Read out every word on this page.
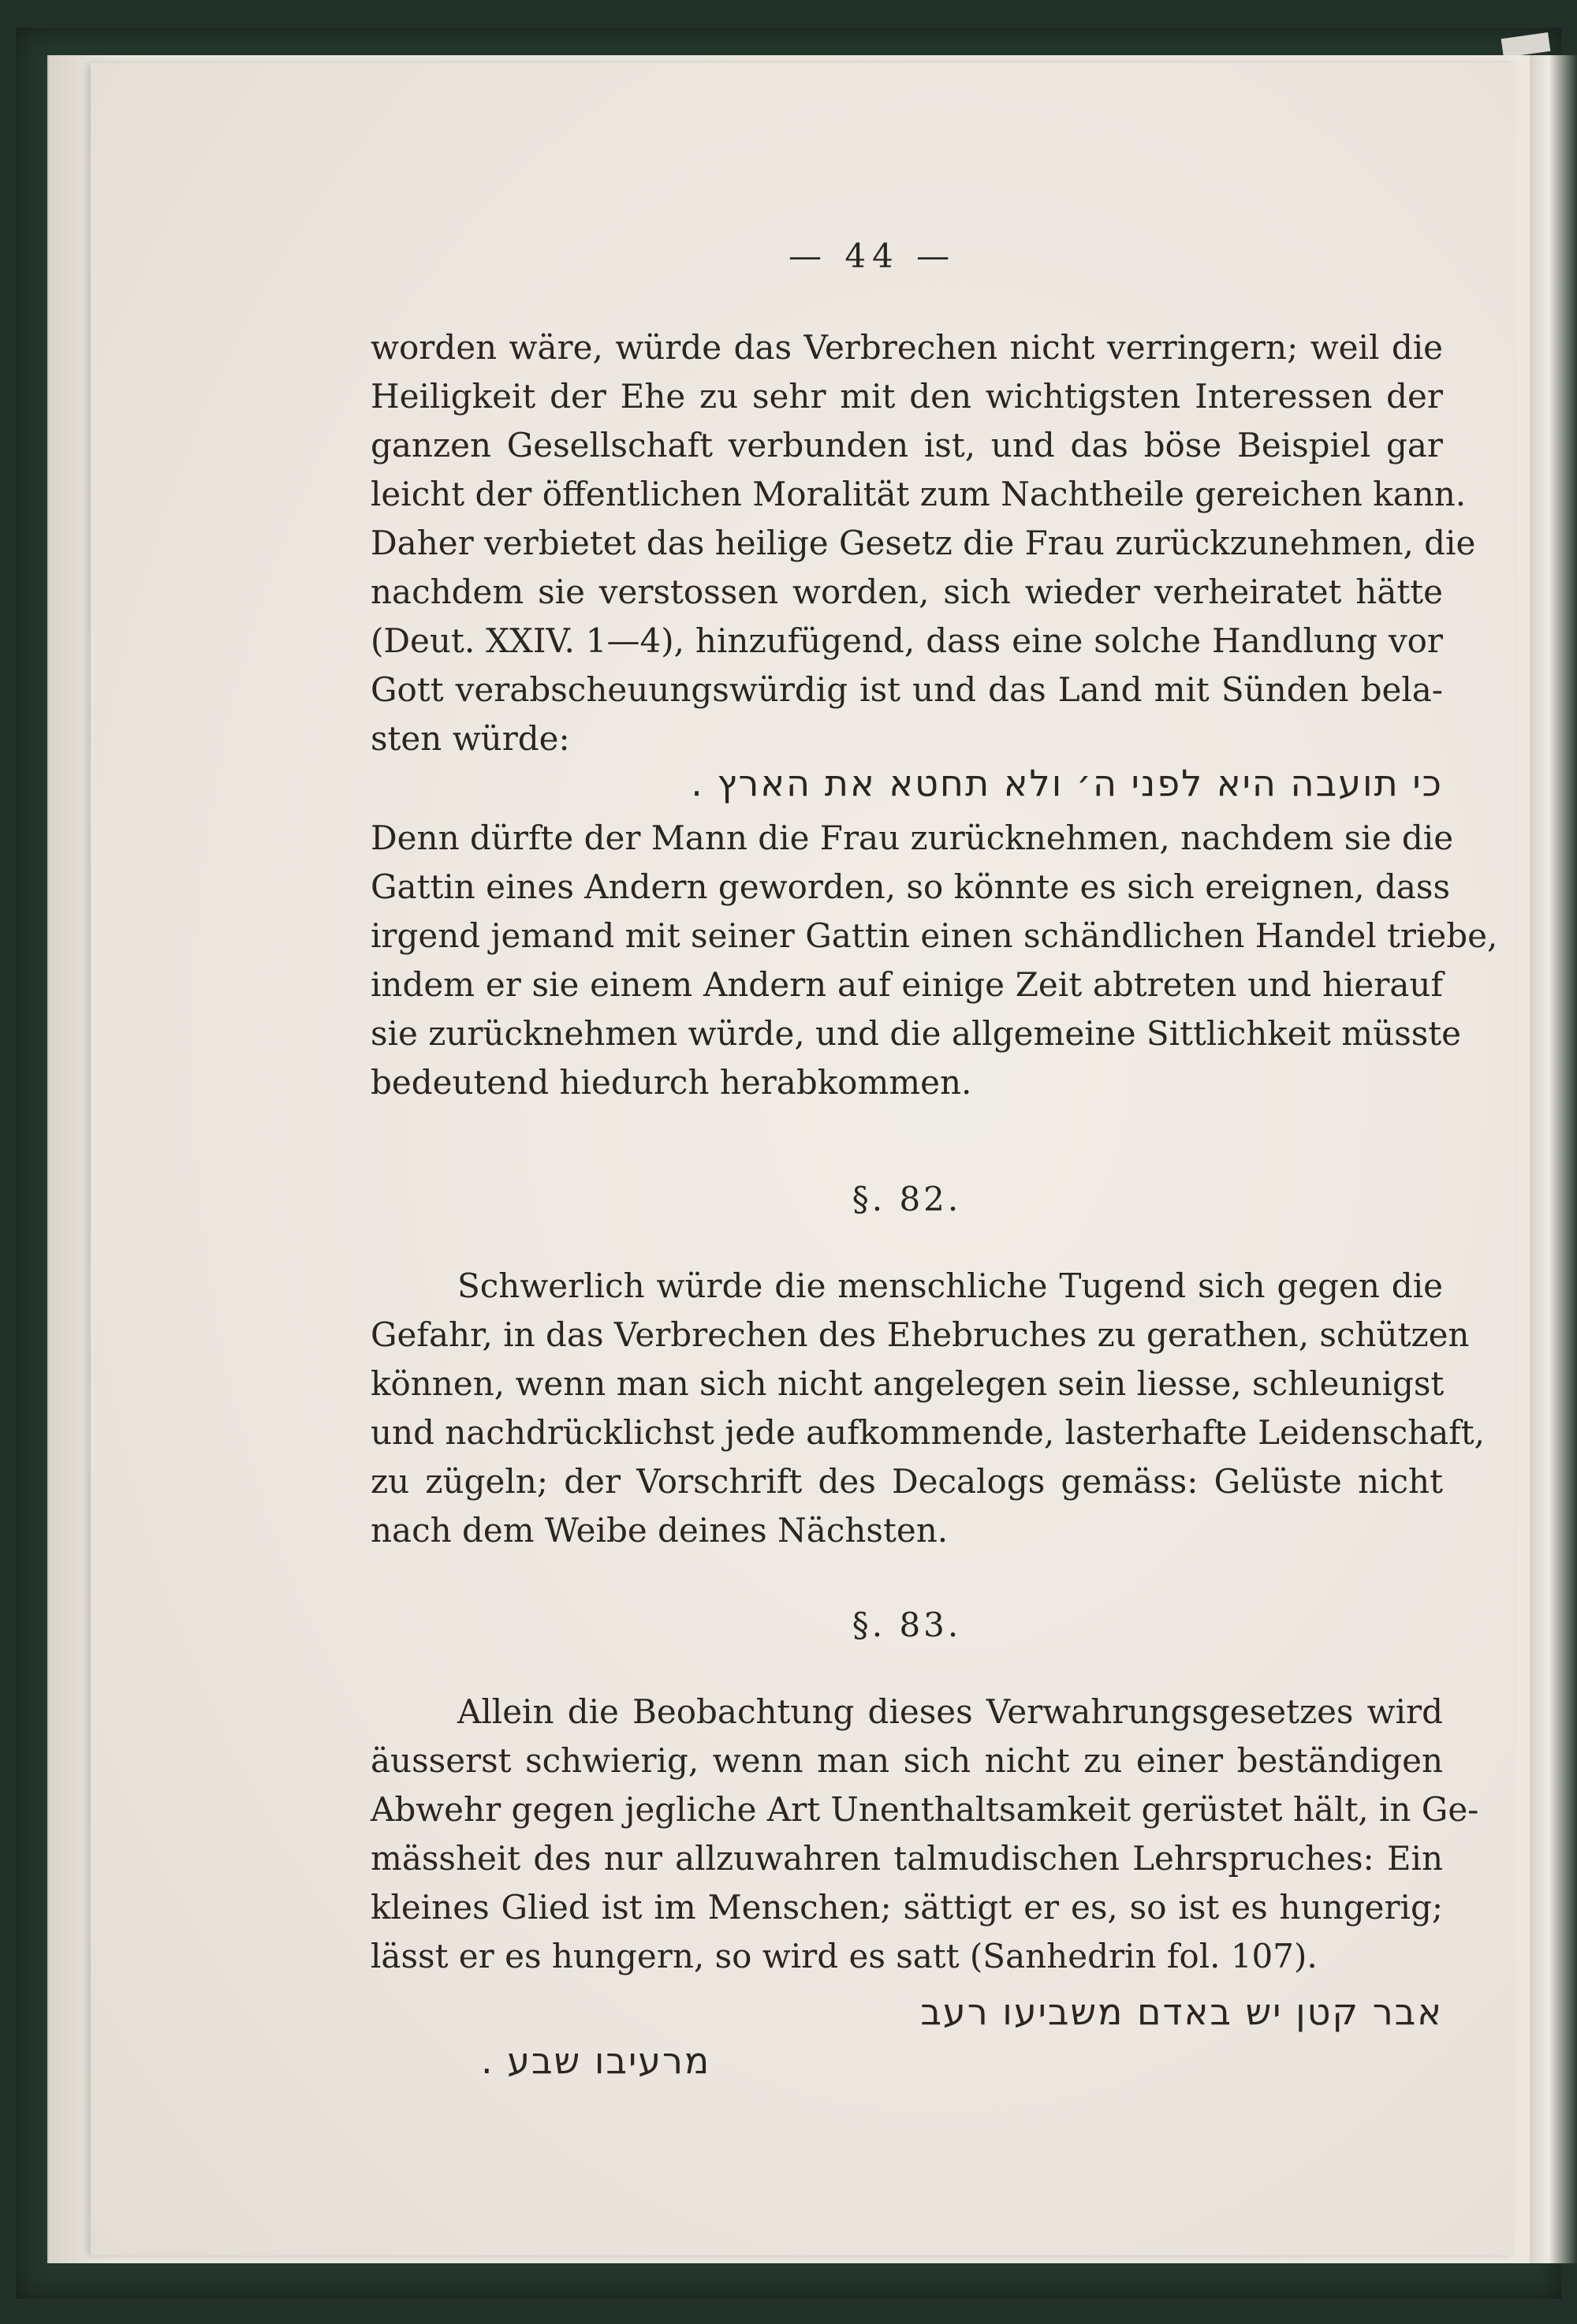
— 44 —
worden wäre, würde das Verbrechen nicht verringern; weil die
Heiligkeit der Ehe zu sehr mit den wichtigsten Interessen der
ganzen Gesellschaft verbunden ist, und das böse Beispiel gar
leicht der öffentlichen Moralität zum Nachtheile gereichen kann.
Daher verbietet das heilige Gesetz die Frau zurückzunehmen, die
nachdem sie verstossen worden, sich wieder verheiratet hätte
(Deut. XXIV. 1—4), hinzufügend, dass eine solche Handlung vor
Gott verabscheuungswürdig ist und das Land mit Sünden bela-
sten würde:
כי תועבה היא לפני ה׳ ולא תחטא את הארץ .
Denn dürfte der Mann die Frau zurücknehmen, nachdem sie die
Gattin eines Andern geworden, so könnte es sich ereignen, dass
irgend jemand mit seiner Gattin einen schändlichen Handel triebe,
indem er sie einem Andern auf einige Zeit abtreten und hierauf
sie zurücknehmen würde, und die allgemeine Sittlichkeit müsste
bedeutend hiedurch herabkommen.
§. 82.
Schwerlich würde die menschliche Tugend sich gegen die
Gefahr, in das Verbrechen des Ehebruches zu gerathen, schützen
können, wenn man sich nicht angelegen sein liesse, schleunigst
und nachdrücklichst jede aufkommende, lasterhafte Leidenschaft,
zu zügeln; der Vorschrift des Decalogs gemäss: Gelüste nicht
nach dem Weibe deines Nächsten.
§. 83.
Allein die Beobachtung dieses Verwahrungsgesetzes wird
äusserst schwierig, wenn man sich nicht zu einer beständigen
Abwehr gegen jegliche Art Unenthaltsamkeit gerüstet hält, in Ge-
mässheit des nur allzuwahren talmudischen Lehrspruches: Ein
kleines Glied ist im Menschen; sättigt er es, so ist es hungerig;
lässt er es hungern, so wird es satt (Sanhedrin fol. 107).
אבר קטן יש באדם משביעו רעב
מרעיבו שבע .
